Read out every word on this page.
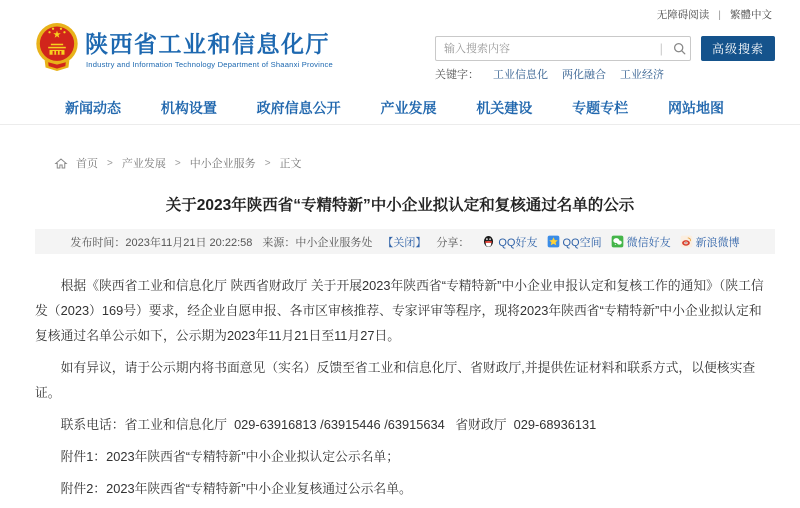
无障碍阅读 | 繁體中文
陕西省工业和信息化厅
Industry and Information Technology Department of Shaanxi Province
输入搜索内容
|	高级搜索
关键字： 工业信息化 两化融合 工业经济
新闻动态	机构设置	政府信息公开	产业发展	机关建设	专题专栏	网站地图
首页 > 产业发展 > 中小企业服务 > 正文
关于2023年陕西省“专精特新”中小企业拟认定和复核通过名单的公示
发布时间： 2023年11月21日 20:22:58 来源： 中小企业服务处 【关闭】 分享：	QQ好友 QQ空间 微信好友 新浪微博

根据《陕西省工业和信息化厅 陕西省财政厅 关于开展2023年陕西省“专精特新”中小企业申报认定和复核工作的通知》（陕工信发（2023）169号）要求，经企业自愿申报、各市区审核推荐、专家评审等程序，现将2023年陕西省“专精特新”中小企业拟认定和复核通过名单公示如下，公示期为2023年11月21日至11月27日。

如有异议，请于公示期内将书面意见（实名）反馈至省工业和信息化厅、省财政厅,并提供佐证材料和联系方式，以便核实查证。

联系电话：省工业和信息化厅  029-63916813 /63915446 /63915634   省财政厅  029-68936131

附件1：2023年陕西省“专精特新”中小企业拟认定公示名单；

附件2：2023年陕西省“专精特新”中小企业复核通过公示名单。
